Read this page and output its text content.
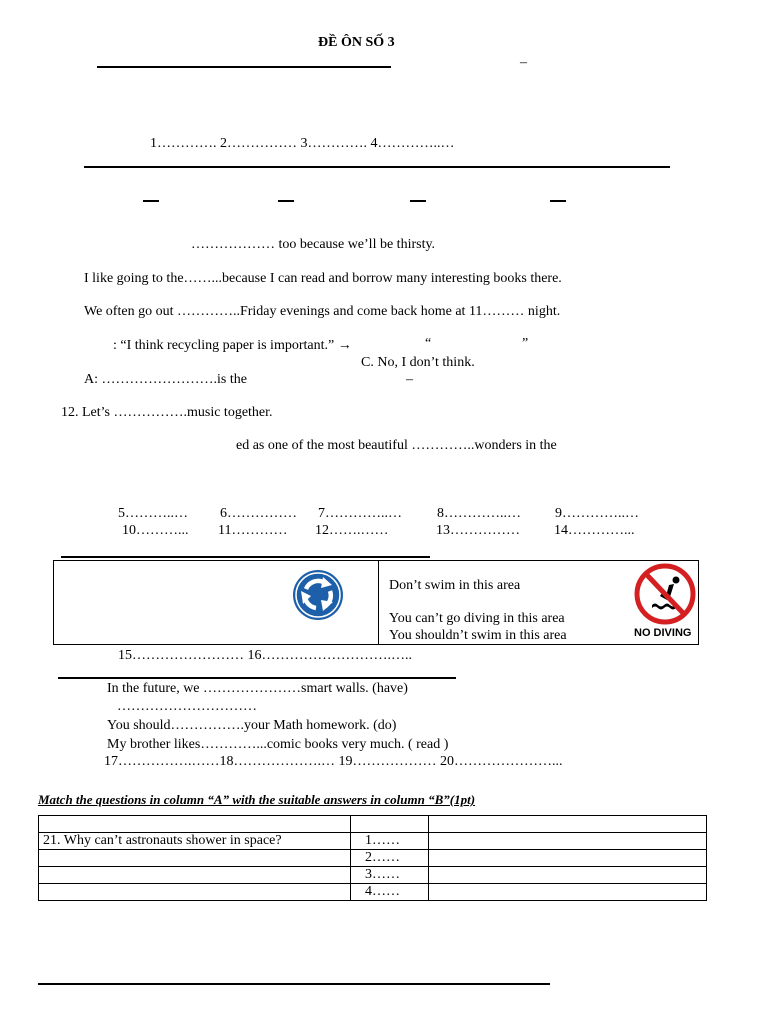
ĐỀ ÔN SỐ 3
–
1…………. 2…………… 3…………. 4…………..…
……………… too because we’ll be thirsty.
I like going to the……...because I can read and borrow many interesting books there.
We often go out …………..Friday evenings and come back home at 11……… night.
: “I think recycling paper is important.” →	“	”
C. No, I don’t think.
A: …………………….is the	–
12. Let’s …………….music together.
ed as one of the most beautiful …………..wonders in the
5………..… 6…………… 7…………..…	8…………..… 9…………..…
10………... 11………… 12…….……	13…………… 14…………...
Don’t swim in this area
You can’t go diving in this area
You shouldn’t swim in this area	NO DIVING
15…………………… 16……………………….…..
In the future, we …………………smart walls. (have)
…………………………
You should…………….your Math homework. (do)
My brother likes…………...comic books very much. ( read )
17…………….……18……………….… 19……………… 20…………………...
Match the questions in column “A” with the suitable answers in column “B”(1pt)

21. Why can’t astronauts shower in space?	1……	
	2……	
	3……	
	4……	
